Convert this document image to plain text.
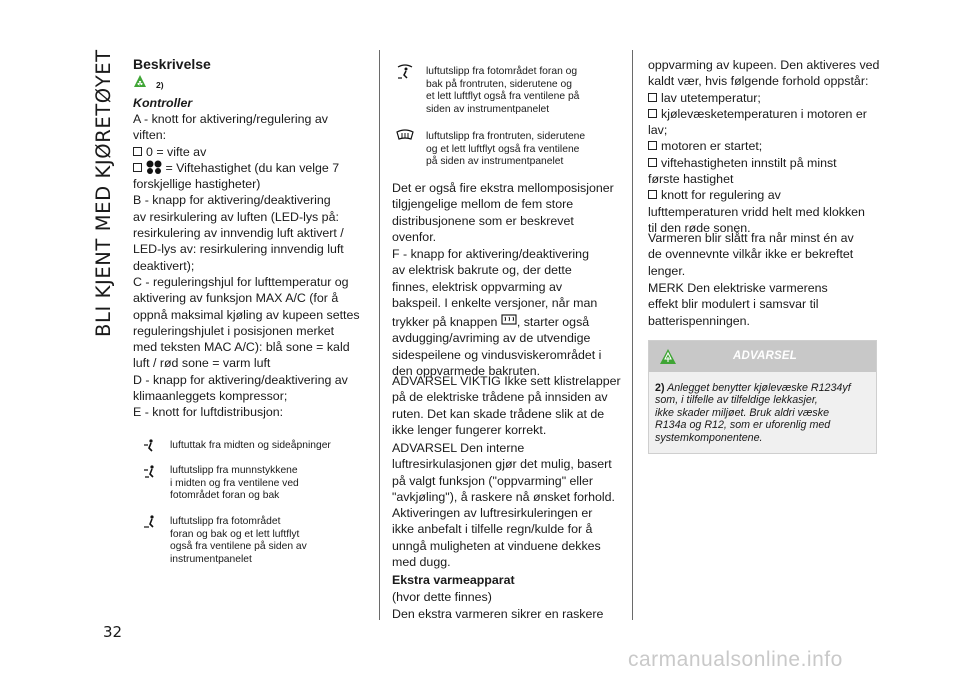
BLI KJENT MED KJØRETØYET
32
Beskrivelse
☘ 2)
Kontroller

A - knott for aktivering/regulering av

viften:

0 = vifte av

= Viftehastighet (du kan velge 7

forskjellige hastigheter)

B - knapp for aktivering/deaktivering

av resirkulering av luften (LED-lys på:

resirkulering av innvendig luft aktivert /

LED-lys av: resirkulering innvendig luft

deaktivert);

C - reguleringshjul for lufttemperatur og

aktivering av funksjon MAX A/C (for å

oppnå maksimal kjøling av kupeen settes

reguleringshjulet i posisjonen merket

med teksten MAC A/C): blå sone = kald

luft / rød sone = varm luft

D - knapp for aktivering/deaktivering av

klimaanleggets kompressor;

E - knott for luftdistribusjon:

luftuttak fra midten og sideåpninger
luftutslipp fra munnstykkene
i midten og fra ventilene ved
fotområdet foran og bak
luftutslipp fra fotområdet
foran og bak og et lett luftflyt
også fra ventilene på siden av
instrumentpanelet
luftutslipp fra fotområdet foran og
bak på frontruten, siderutene og
et lett luftflyt også fra ventilene på
siden av instrumentpanelet
luftutslipp fra frontruten, siderutene
og et lett luftflyt også fra ventilene
på siden av instrumentpanelet

Det er også fire ekstra mellomposisjoner

tilgjengelige mellom de fem store

distribusjonene som er beskrevet

ovenfor.

F - knapp for aktivering/deaktivering

av elektrisk bakrute og, der dette

finnes, elektrisk oppvarming av

bakspeil. I enkelte versjoner, når man

trykker på knappen , starter også

avdugging/avriming av de utvendige

sidespeilene og vindusviskerområdet i

den oppvarmede bakruten.

ADVARSEL VIKTIG Ikke sett klistrelapper

på de elektriske trådene på innsiden av

ruten. Det kan skade trådene slik at de

ikke lenger fungerer korrekt.

ADVARSEL Den interne

luftresirkulasjonen gjør det mulig, basert

på valgt funksjon ("oppvarming" eller

"avkjøling"), å raskere nå ønsket forhold.

Aktiveringen av luftresirkuleringen er

ikke anbefalt i tilfelle regn/kulde for å

unngå muligheten at vinduene dekkes

med dugg.

Ekstra varmeapparat
(hvor dette finnes)
Den ekstra varmeren sikrer en raskere

oppvarming av kupeen. Den aktiveres ved

kaldt vær, hvis følgende forhold oppstår:

lav utetemperatur;

kjølevæsketemperaturen i motoren er

lav;

motoren er startet;

viftehastigheten innstilt på minst

første hastighet

knott for regulering av

lufttemperaturen vridd helt med klokken

til den røde sonen.

Varmeren blir slått fra når minst én av

de ovennevnte vilkår ikke er bekreftet

lenger.

MERK Den elektriske varmerens

effekt blir modulert i samsvar til

batterispenningen.

ADVARSEL
2) Anlegget benytter kjølevæske R1234yf
som, i tilfelle av tilfeldige lekkasjer,
ikke skader miljøet. Bruk aldri væske
R134a og R12, som er uforenlig med
systemkomponentene.
carmanualsonline.info
